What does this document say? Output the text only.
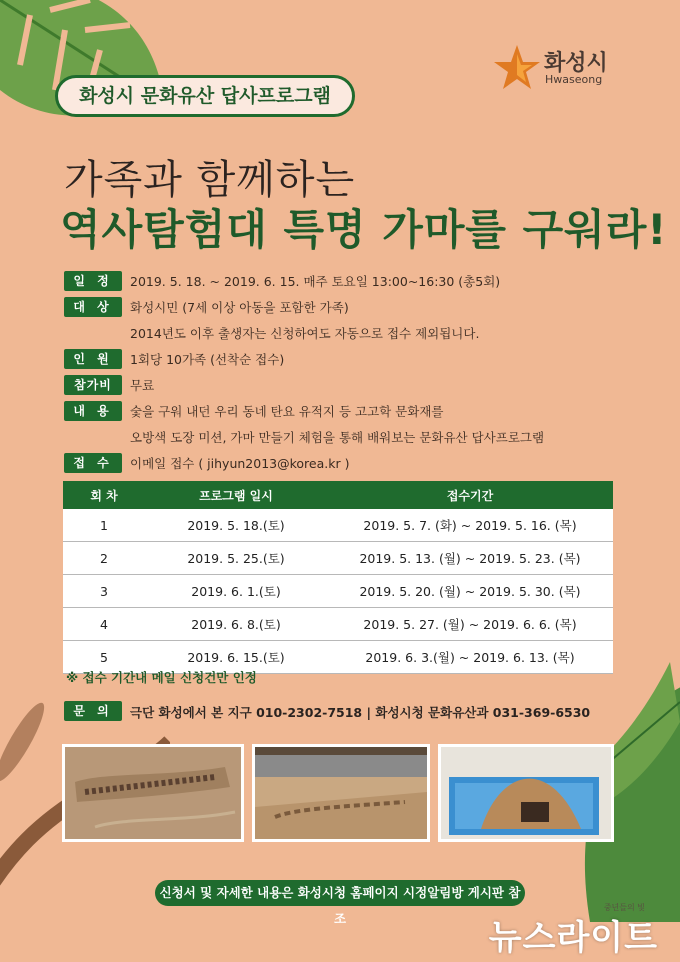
화성시 문화유산 답사프로그램
화성시
Hwaseong
가족과 함께하는
역사탐험대 특명 가마를 구워라!
일 정	2019. 5. 18. ~ 2019. 6. 15. 매주 토요일 13:00~16:30 (총5회)
대 상	화성시민 (7세 이상 아동을 포함한 가족)
2014년도 이후 출생자는 신청하여도 자동으로 접수 제외됩니다.
인 원	1회당 10가족 (선착순 접수)
참가비	무료
내 용	숯을 구워 내던 우리 동네 탄요 유적지 등 고고학 문화재를
오방색 도장 미션, 가마 만들기 체험을 통해 배워보는 문화유산 답사프로그램
접 수	이메일 접수 ( jihyun2013@korea.kr )
회 차	프로그램 일시	접수기간
1	2019. 5. 18.(토)	2019. 5. 7. (화) ~ 2019. 5. 16. (목)
2	2019. 5. 25.(토)	2019. 5. 13. (월) ~ 2019. 5. 23. (목)
3	2019. 6. 1.(토)	2019. 5. 20. (월) ~ 2019. 5. 30. (목)
4	2019. 6. 8.(토)	2019. 5. 27. (월) ~ 2019. 6. 6. (목)
5	2019. 6. 15.(토)	2019. 6. 3.(월) ~ 2019. 6. 13. (목)
※ 접수 기간내 메일 신청건만 인정
문 의	극단 화성에서 본 지구 010-2302-7518 | 화성시청 문화유산과 031-369-6530
신청서 및 자세한 내용은 화성시청 홈페이지 시정알림방 게시판 참조
중년들의 빛
뉴스라이트
